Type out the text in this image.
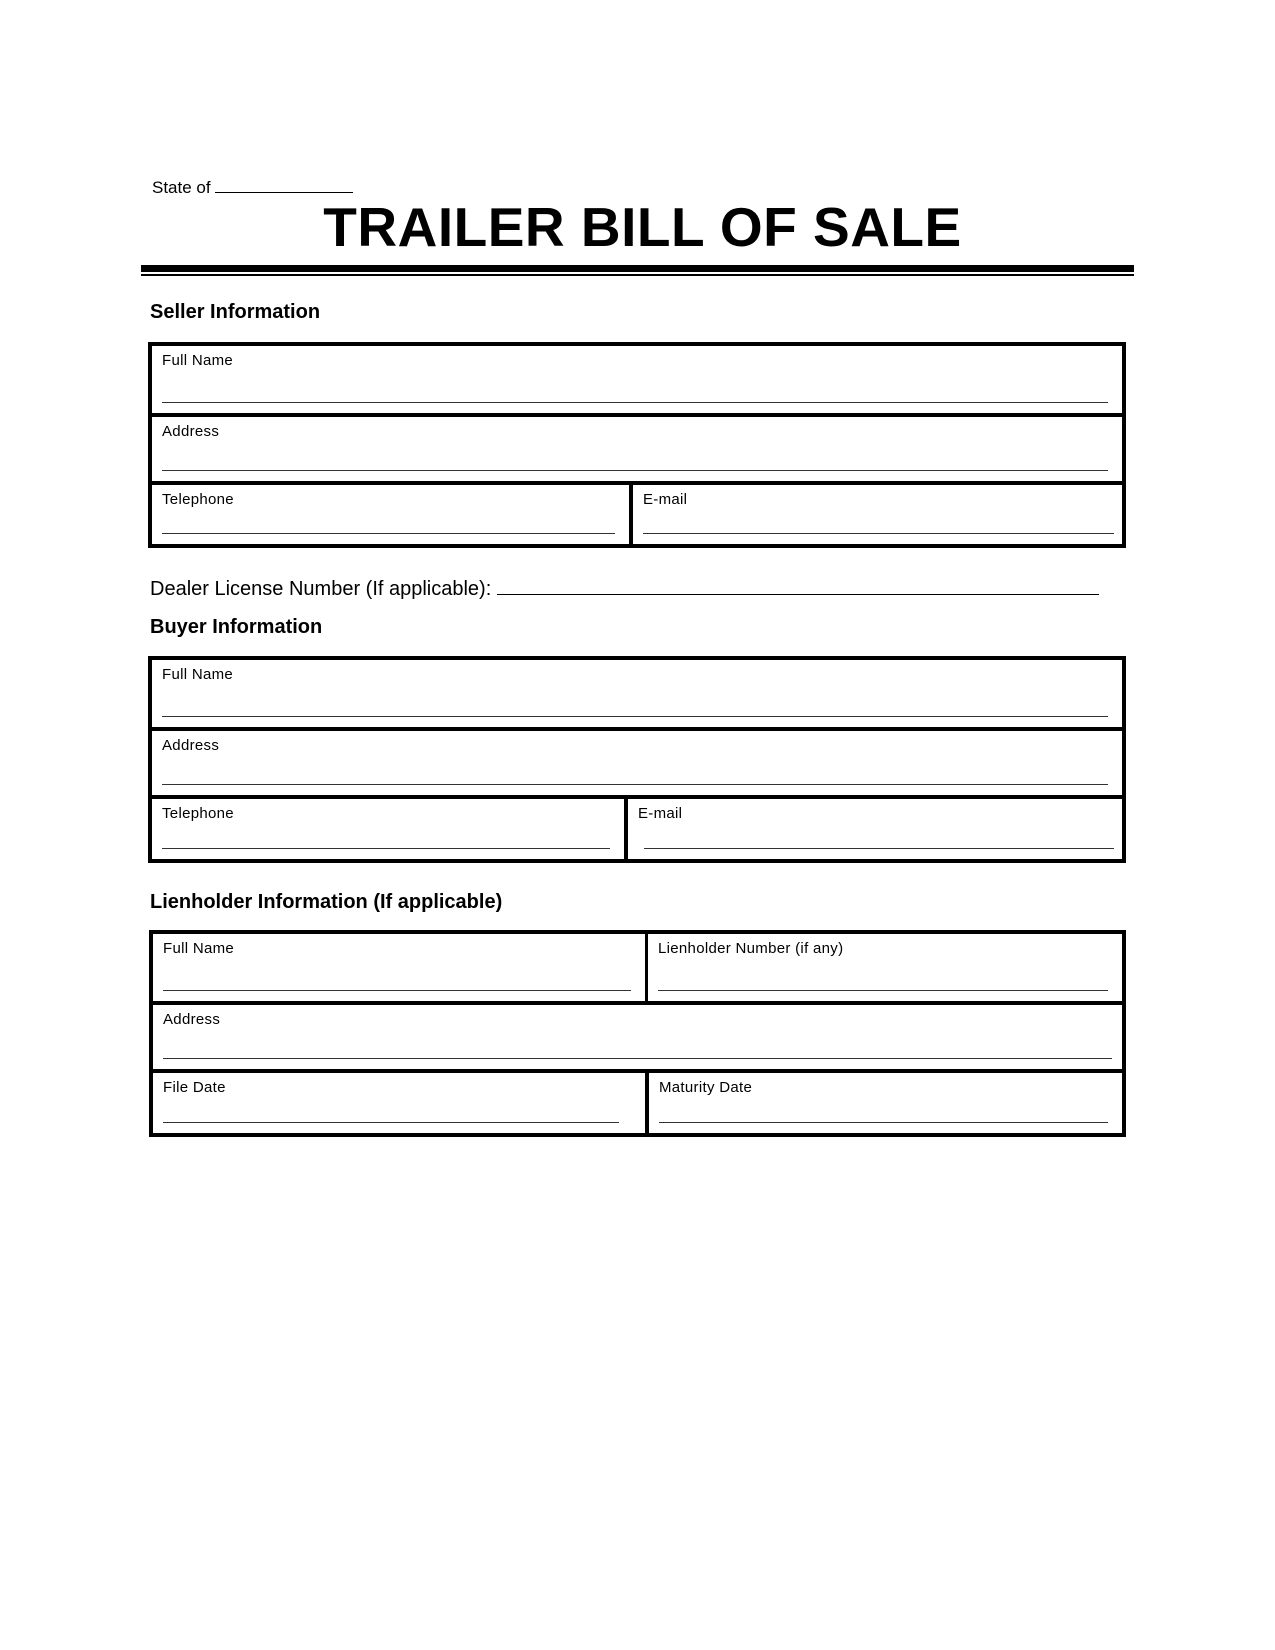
State of
TRAILER BILL OF SALE
Seller Information
Full Name
Address
Telephone	E-mail
Dealer License Number (If applicable):
Buyer Information
Full Name
Address
Telephone	E-mail
Lienholder Information (If applicable)
Full Name	Lienholder Number (if any)
Address
File Date	Maturity Date
